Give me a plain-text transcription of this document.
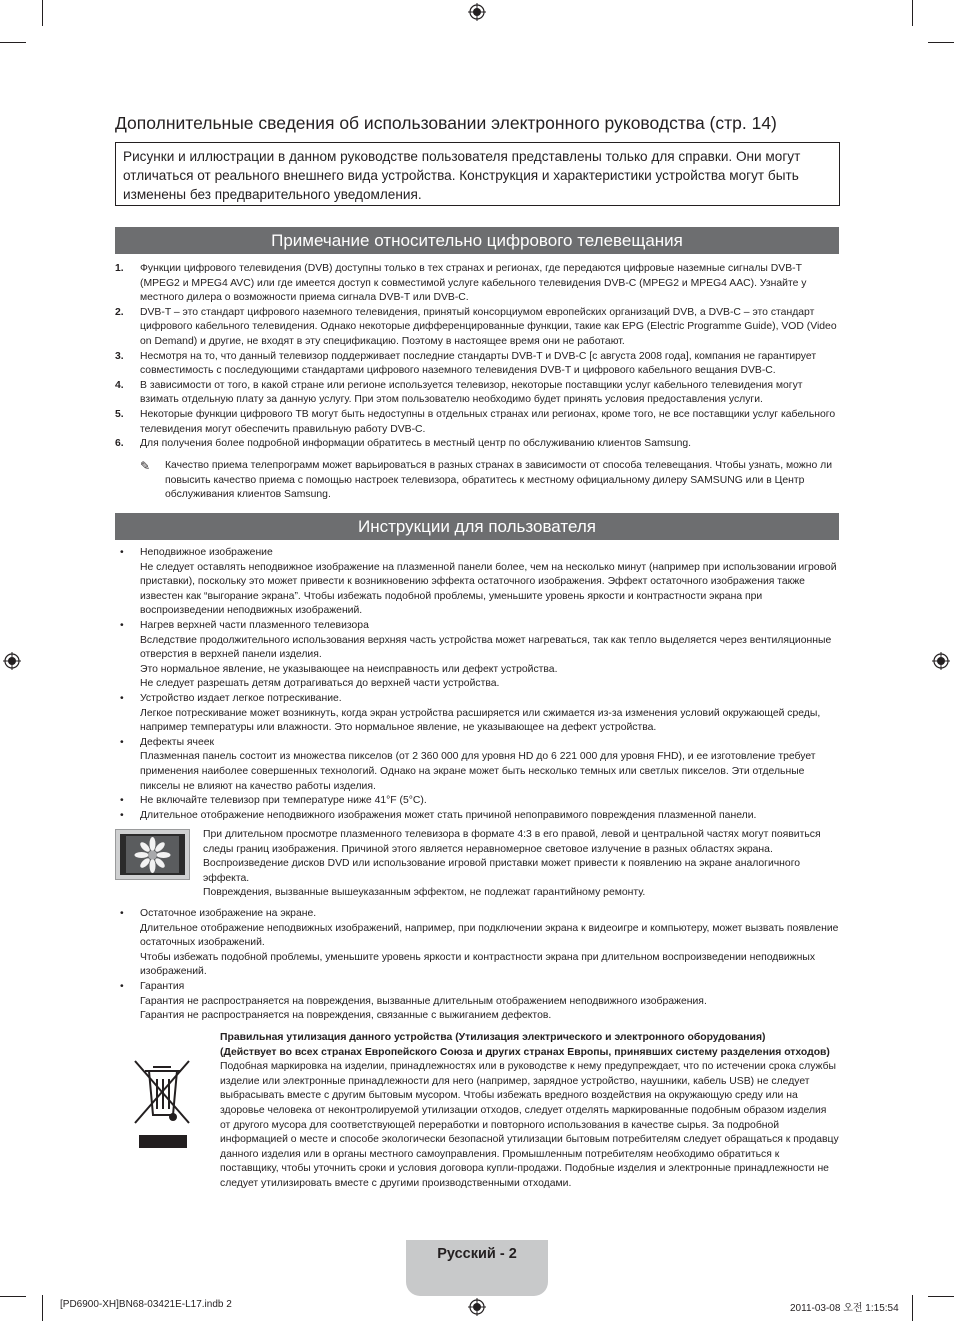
Дополнительные сведения об использовании электронного руководства (стр. 14)
Рисунки и иллюстрации в данном руководстве пользователя представлены только для справки. Они могут отличаться от реального внешнего вида устройства. Конструкция и характеристики устройства могут быть изменены без предварительного уведомления.
Примечание относительно цифрового телевещания
1. Функции цифрового телевидения (DVB) доступны только в тех странах и регионах, где передаются цифровые наземные сигналы DVB-T (MPEG2 и MPEG4 AVC) или где имеется доступ к совместимой услуге кабельного телевидения DVB-C (MPEG2 и MPEG4 AAC). Узнайте у местного дилера о возможности приема сигнала DVB-T или DVB-C.
2. DVB-T – это стандарт цифрового наземного телевидения, принятый консорциумом европейских организаций DVB, а DVB-C – это стандарт цифрового кабельного телевидения. Однако некоторые дифференцированные функции, такие как EPG (Electric Programme Guide), VOD (Video on Demand) и другие, не входят в эту спецификацию. Поэтому в настоящее время они не работают.
3. Несмотря на то, что данный телевизор поддерживает последние стандарты DVB-T и DVB-C [с августа 2008 года], компания не гарантирует совместимость с последующими стандартами цифрового наземного телевидения DVB-T и цифрового кабельного вещания DVB-C.
4. В зависимости от того, в какой стране или регионе используется телевизор, некоторые поставщики услуг кабельного телевидения могут взимать отдельную плату за данную услугу. При этом пользователю необходимо будет принять условия предоставления услуги.
5. Некоторые функции цифрового ТВ могут быть недоступны в отдельных странах или регионах, кроме того, не все поставщики услуг кабельного телевидения могут обеспечить правильную работу DVB-C.
6. Для получения более подробной информации обратитесь в местный центр по обслуживанию клиентов Samsung.
✎ Качество приема телепрограмм может варьироваться в разных странах в зависимости от способа телевещания. Чтобы узнать, можно ли повысить качество приема с помощью настроек телевизора, обратитесь к местному официальному дилеру SAMSUNG или в Центр обслуживания клиентов Samsung.
Инструкции для пользователя
• Неподвижное изображение
Не следует оставлять неподвижное изображение на плазменной панели более, чем на несколько минут (например при использовании игровой приставки), поскольку это может привести к возникновению эффекта остаточного изображения. Эффект остаточного изображения также известен как “выгорание экрана”. Чтобы избежать подобной проблемы, уменьшите уровень яркости и контрастности экрана при воспроизведении неподвижных изображений.
• Нагрев верхней части плазменного телевизора
Вследствие продолжительного использования верхняя часть устройства может нагреваться, так как тепло выделяется через вентиляционные отверстия в верхней панели изделия.
Это нормальное явление, не указывающее на неисправность или дефект устройства.
Не следует разрешать детям дотрагиваться до верхней части устройства.
• Устройство издает легкое потрескивание.
Легкое потрескивание может возникнуть, когда экран устройства расширяется или сжимается из-за изменения условий окружающей среды, например температуры или влажности. Это нормальное явление, не указывающее на дефект устройства.
• Дефекты ячеек
Плазменная панель состоит из множества пикселов (от 2 360 000 для уровня HD до 6 221 000 для уровня FHD), и ее изготовление требует применения наиболее совершенных технологий. Однако на экране может быть несколько темных или светлых пикселов. Эти отдельные пикселы не влияют на качество работы изделия.
• Не включайте телевизор при температуре ниже 41°F (5°C).
• Длительное отображение неподвижного изображения может стать причиной непоправимого повреждения плазменной панели.
При длительном просмотре плазменного телевизора в формате 4:3 в его правой, левой и центральной частях могут появиться следы границ изображения. Причиной этого является неравномерное световое излучение в разных областях экрана. Воспроизведение дисков DVD или использование игровой приставки может привести к появлению на экране аналогичного эффекта.
Повреждения, вызванные вышеуказанным эффектом, не подлежат гарантийному ремонту.
• Остаточное изображение на экране.
Длительное отображение неподвижных изображений, например, при подключении экрана к видеоигре и компьютеру, может вызвать появление остаточных изображений.
Чтобы избежать подобной проблемы, уменьшите уровень яркости и контрастности экрана при длительном воспроизведении неподвижных изображений.
• Гарантия
Гарантия не распространяется на повреждения, вызванные длительным отображением неподвижного изображения.
Гарантия не распространяется на повреждения, связанные с выжиганием дефектов.
Правильная утилизация данного устройства (Утилизация электрического и электронного оборудования)
(Действует во всех странах Европейского Союза и других странах Европы, принявших систему разделения отходов)
Подобная маркировка на изделии, принадлежностях или в руководстве к нему предупреждает, что по истечении срока службы изделие или электронные принадлежности для него (например, зарядное устройство, наушники, кабель USB) не следует выбрасывать вместе с другим бытовым мусором. Чтобы избежать вредного воздействия на окружающую среду или на здоровье человека от неконтролируемой утилизации отходов, следует отделять маркированные подобным образом изделия от другого мусора для соответствующей переработки и повторного использования в качестве сырья. За подробной информацией о месте и способе экологически безопасной утилизации бытовым потребителям следует обращаться к продавцу данного изделия или в органы местного самоуправления. Промышленным потребителям необходимо обратиться к поставщику, чтобы уточнить сроки и условия договора купли-продажи. Подобные изделия и электронные принадлежности не следует утилизировать вместе с другими производственными отходами.
Русский - 2
[PD6900-XH]BN68-03421E-L17.indb 2	2011-03-08 오전 1:15:54
